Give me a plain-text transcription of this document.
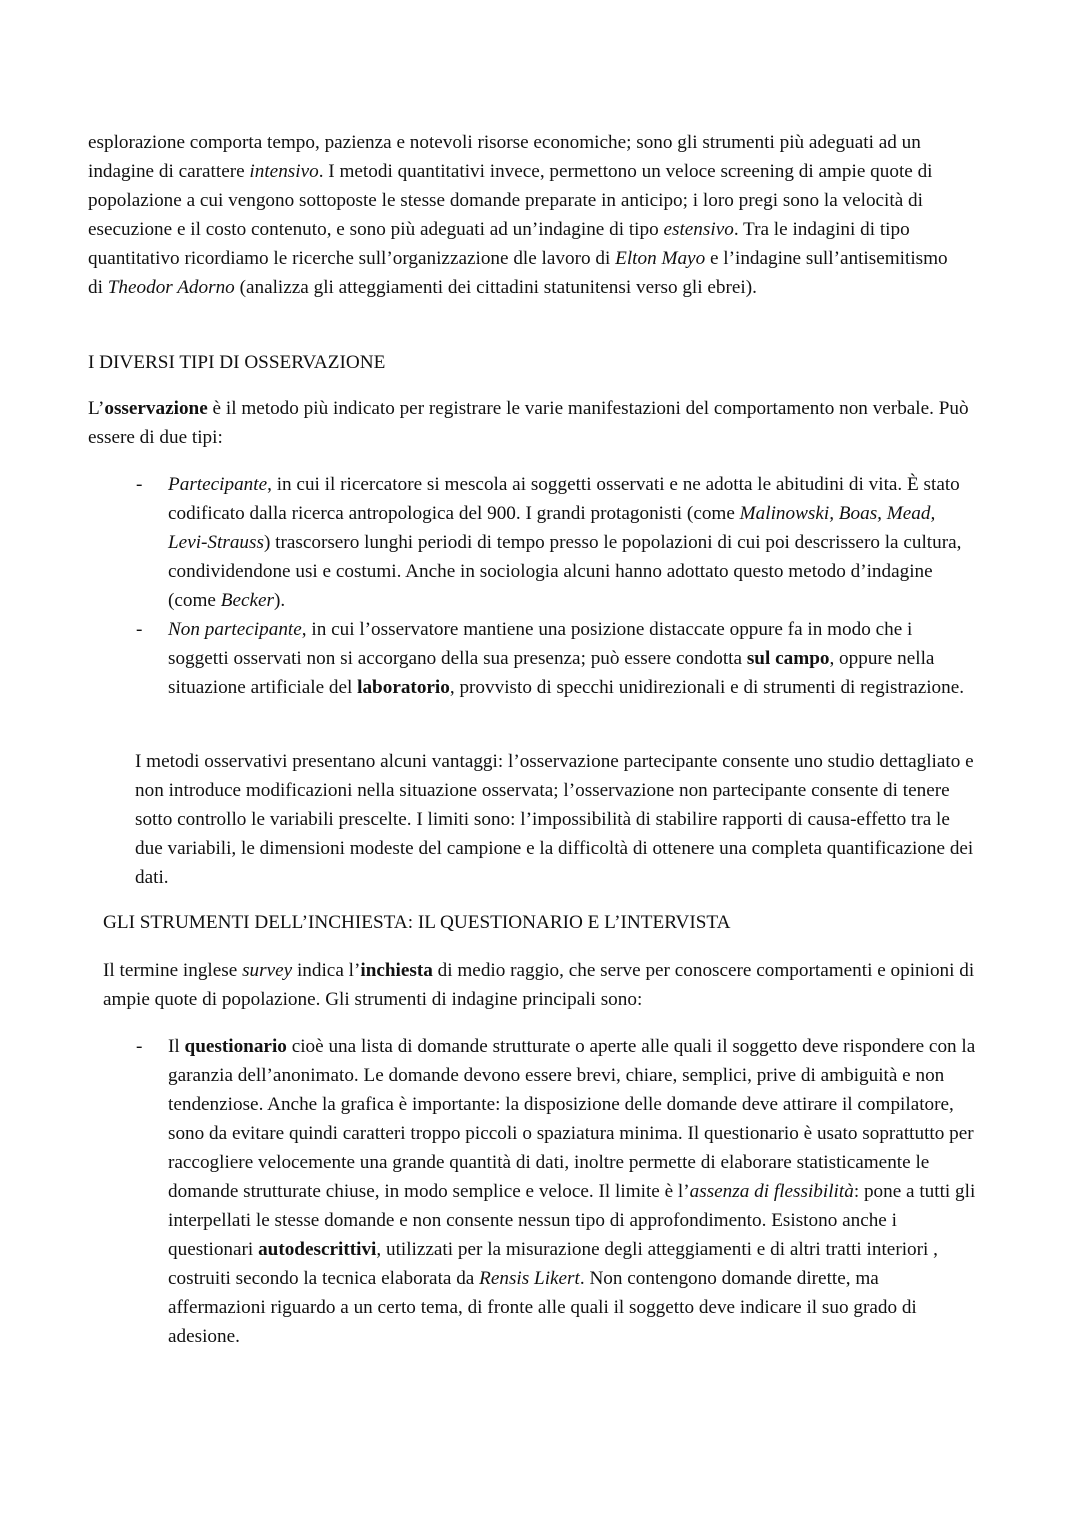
esplorazione comporta tempo, pazienza e notevoli risorse economiche; sono gli strumenti più adeguati ad un indagine di carattere intensivo. I metodi quantitativi invece, permettono un veloce screening di ampie quote di popolazione a cui vengono sottoposte le stesse domande preparate in anticipo; i loro pregi sono la velocità di esecuzione e il costo contenuto, e sono più adeguati ad un’indagine di tipo estensivo. Tra le indagini di tipo quantitativo ricordiamo le ricerche sull’organizzazione dle lavoro di Elton Mayo e l’indagine sull’antisemitismo di Theodor Adorno (analizza gli atteggiamenti dei cittadini statunitensi verso gli ebrei).

I DIVERSI TIPI DI OSSERVAZIONE

L’osservazione è il metodo più indicato per registrare le varie manifestazioni del comportamento non verbale. Può essere di due tipi:

- Partecipante, in cui il ricercatore si mescola ai soggetti osservati e ne adotta le abitudini di vita. È stato codificato dalla ricerca antropologica del 900. I grandi protagonisti (come Malinowski, Boas, Mead, Levi-Strauss) trascorsero lunghi periodi di tempo presso le popolazioni di cui poi descrissero la cultura, condividendone usi e costumi. Anche in sociologia alcuni hanno adottato questo metodo d’indagine (come Becker).
- Non partecipante, in cui l’osservatore mantiene una posizione distaccate oppure fa in modo che i soggetti osservati non si accorgano della sua presenza; può essere condotta sul campo, oppure nella situazione artificiale del laboratorio, provvisto di specchi unidirezionali e di strumenti di registrazione.

I metodi osservativi presentano alcuni vantaggi: l’osservazione partecipante consente uno studio dettagliato e non introduce modificazioni nella situazione osservata; l’osservazione non partecipante consente di tenere sotto controllo le variabili prescelte. I limiti sono: l’impossibilità di stabilire rapporti di causa-effetto tra le due variabili, le dimensioni modeste del campione e la difficoltà di ottenere una completa quantificazione dei dati.

GLI STRUMENTI DELL’INCHIESTA: IL QUESTIONARIO E L’INTERVISTA

Il termine inglese survey indica l’inchiesta di medio raggio, che serve per conoscere comportamenti e opinioni di ampie quote di popolazione. Gli strumenti di indagine principali sono:

- Il questionario cioè una lista di domande strutturate o aperte alle quali il soggetto deve rispondere con la garanzia dell’anonimato. Le domande devono essere brevi, chiare, semplici, prive di ambiguità e non tendenziose. Anche la grafica è importante: la disposizione delle domande deve attirare il compilatore, sono da evitare quindi caratteri troppo piccoli o spaziatura minima. Il questionario è usato soprattutto per raccogliere velocemente una grande quantità di dati, inoltre permette di elaborare statisticamente le domande strutturate chiuse, in modo semplice e veloce. Il limite è l’assenza di flessibilità: pone a tutti gli interpellati le stesse domande e non consente nessun tipo di approfondimento. Esistono anche i questionari autodescrittivi, utilizzati per la misurazione degli atteggiamenti e di altri tratti interiori , costruiti secondo la tecnica elaborata da Rensis Likert. Non contengono domande dirette, ma affermazioni riguardo a un certo tema, di fronte alle quali il soggetto deve indicare il suo grado di adesione.
